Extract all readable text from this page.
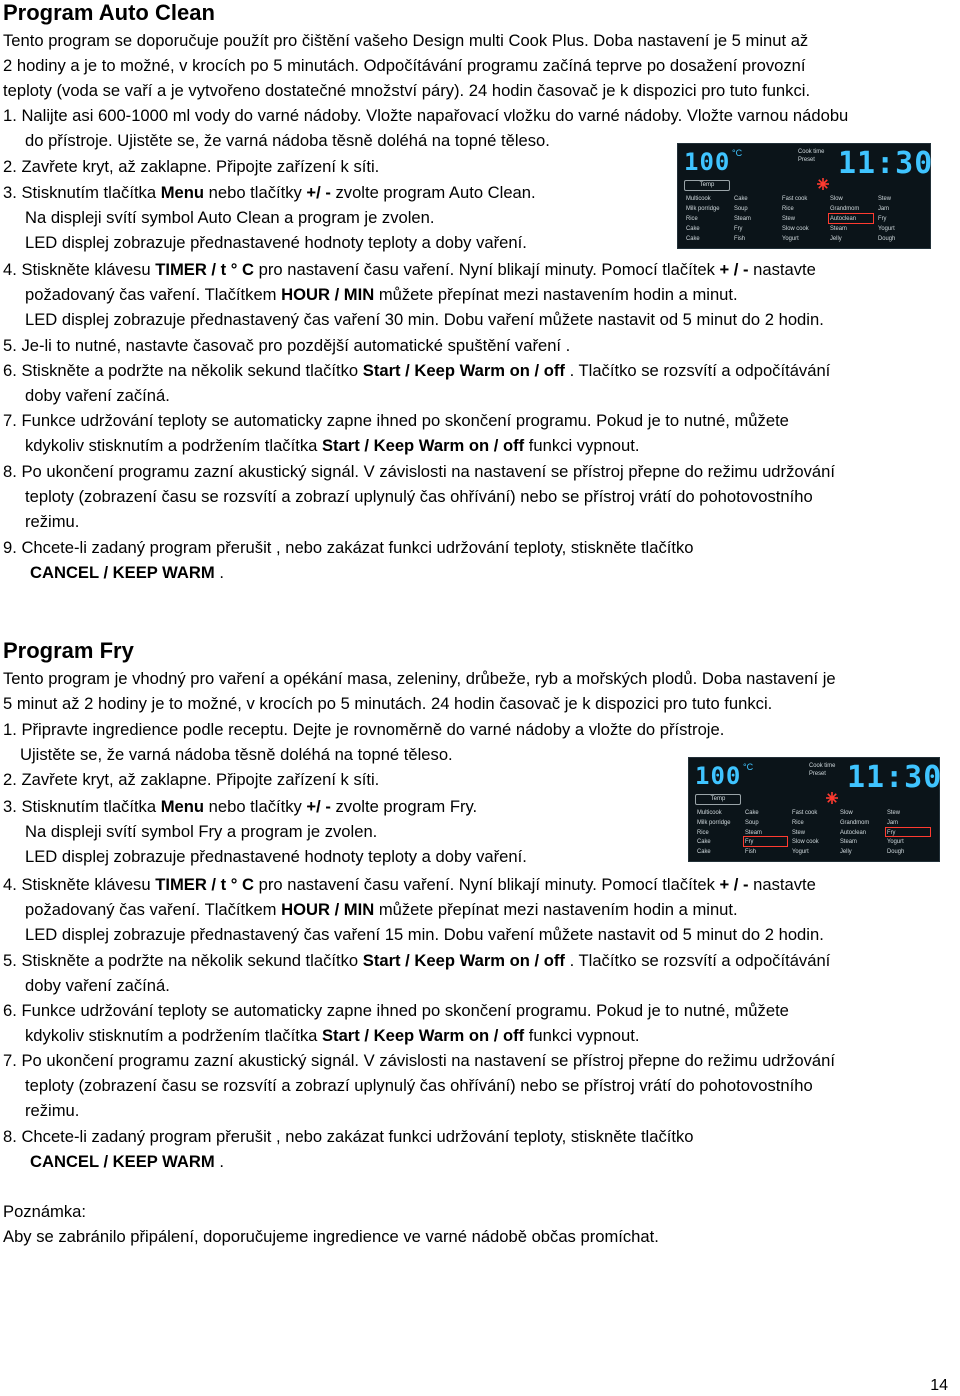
Program Auto Clean
Tento program se doporučuje použít pro čištění vašeho Design multi Cook Plus. Doba nastavení je 5 minut až
2 hodiny a je to možné, v krocích po 5 minutách. Odpočítávání programu začíná teprve po dosažení provozní
teploty (voda se vaří a je vytvořeno dostatečné množství páry). 24 hodin časovač je k dispozici pro tuto funkci.
1. Nalijte asi 600-1000 ml vody do varné nádoby. Vložte napařovací vložku do varné nádoby. Vložte varnou nádobu
do přístroje. Ujistěte se, že varná nádoba těsně doléhá na topné těleso.
2. Zavřete kryt, až zaklapne. Připojte zařízení k síti.
3. Stisknutím tlačítka Menu nebo tlačítky +/ - zvolte program Auto Clean.
Na displeji svítí symbol Auto Clean a program je zvolen.
LED displej zobrazuje přednastavené hodnoty teploty a doby vaření.
4. Stiskněte klávesu TIMER / t ° C pro nastavení času vaření. Nyní blikají minuty. Pomocí tlačítek + / - nastavte
požadovaný čas vaření. Tlačítkem HOUR / MIN můžete přepínat mezi nastavením hodin a minut.
LED displej zobrazuje přednastavený čas vaření 30 min. Dobu vaření můžete nastavit od 5 minut do 2 hodin.
5. Je-li to nutné, nastavte časovač pro pozdější automatické spuštění vaření .
6. Stiskněte a podržte na několik sekund tlačítko Start / Keep Warm on / off . Tlačítko se rozsvítí a odpočítávání
doby vaření začíná.
7. Funkce udržování teploty se automaticky zapne ihned po skončení programu. Pokud je to nutné, můžete
kdykoliv stisknutím a podržením tlačítka Start / Keep Warm on / off funkci vypnout.
8. Po ukončení programu zazní akustický signál. V závislosti na nastavení se přístroj přepne do režimu udržování
teploty (zobrazení času se rozsvítí a zobrazí uplynulý čas ohřívání) nebo se přístroj vrátí do pohotovostního
režimu.
9. Chcete-li zadaný program přerušit , nebo zakázat funkci udržování teploty, stiskněte tlačítko
CANCEL / KEEP WARM .
100 °C
Temp
Cook time
Preset 11:30
Multicook
Milk porridge
Rice
Cake
Cake
Cake
Soup
Steam
Fry
Fish
Fast cook
Rice
Stew
Slow cook
Yogurt
Slow
Grandmom
Autoclean
Steam
Jelly
Stew
Jam
Fry
Yogurt
Dough
Program Fry
Tento program je vhodný pro vaření a opékání masa, zeleniny, drůbeže, ryb a mořských plodů. Doba nastavení je
5 minut až 2 hodiny je to možné, v krocích po 5 minutách. 24 hodin časovač je k dispozici pro tuto funkci.
1. Připravte ingredience podle receptu. Dejte je rovnoměrně do varné nádoby a vložte do přístroje.
Ujistěte se, že varná nádoba těsně doléhá na topné těleso.
2. Zavřete kryt, až zaklapne. Připojte zařízení k síti.
3. Stisknutím tlačítka Menu nebo tlačítky +/ - zvolte program Fry.
Na displeji svítí symbol Fry a program je zvolen.
LED displej zobrazuje přednastavené hodnoty teploty a doby vaření.
4. Stiskněte klávesu TIMER / t ° C pro nastavení času vaření. Nyní blikají minuty. Pomocí tlačítek + / - nastavte
požadovaný čas vaření. Tlačítkem HOUR / MIN můžete přepínat mezi nastavením hodin a minut.
LED displej zobrazuje přednastavený čas vaření 15 min. Dobu vaření můžete nastavit od 5 minut do 2 hodin.
5. Stiskněte a podržte na několik sekund tlačítko Start / Keep Warm on / off . Tlačítko se rozsvítí a odpočítávání
doby vaření začíná.
6. Funkce udržování teploty se automaticky zapne ihned po skončení programu. Pokud je to nutné, můžete
kdykoliv stisknutím a podržením tlačítka Start / Keep Warm on / off funkci vypnout.
7. Po ukončení programu zazní akustický signál. V závislosti na nastavení se přístroj přepne do režimu udržování
teploty (zobrazení času se rozsvítí a zobrazí uplynulý čas ohřívání) nebo se přístroj vrátí do pohotovostního
režimu.
8. Chcete-li zadaný program přerušit , nebo zakázat funkci udržování teploty, stiskněte tlačítko
CANCEL / KEEP WARM .
100 °C
Temp
Cook time
Preset 11:30
Multicook
Milk porridge
Rice
Cake
Cake
Cake
Soup
Steam
Fry
Fish
Fast cook
Rice
Stew
Slow cook
Yogurt
Slow
Grandmom
Autoclean
Steam
Jelly
Stew
Jam
Fry
Yogurt
Dough
Poznámka:
Aby se zabránilo připálení, doporučujeme ingredience ve varné nádobě občas promíchat.
14
